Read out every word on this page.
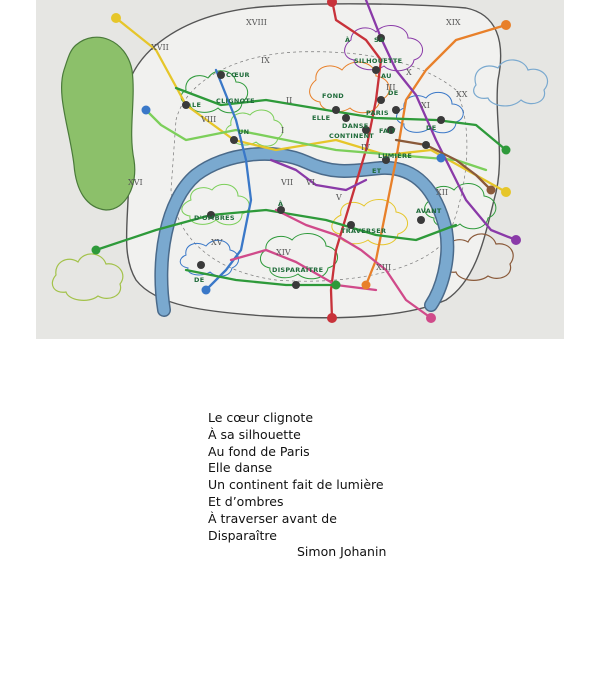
À	SA
SILHOUETTE
AU
DE
CŒUR
LE CLIGNOTE
FOND
PARIS
ELLE
DANSE
UN	CONTINENT
FAIT	DE
LUMIÈRE
ET
D'OMBRES
À
TRAVERSER
AVANT
DE
DISPARAÎTRE
XVIII	XIX
XVII
IX
X
XX
VIII
II
III
I
IV
XI
XVI	VII
XV
V
VI
XIV
XIII
XII
Le cœur clignote
À sa silhouette
Au fond de Paris
Elle danse
Un continent fait de lumière
Et d’ombres
À traverser avant de
Disparaître
Simon Johanin
